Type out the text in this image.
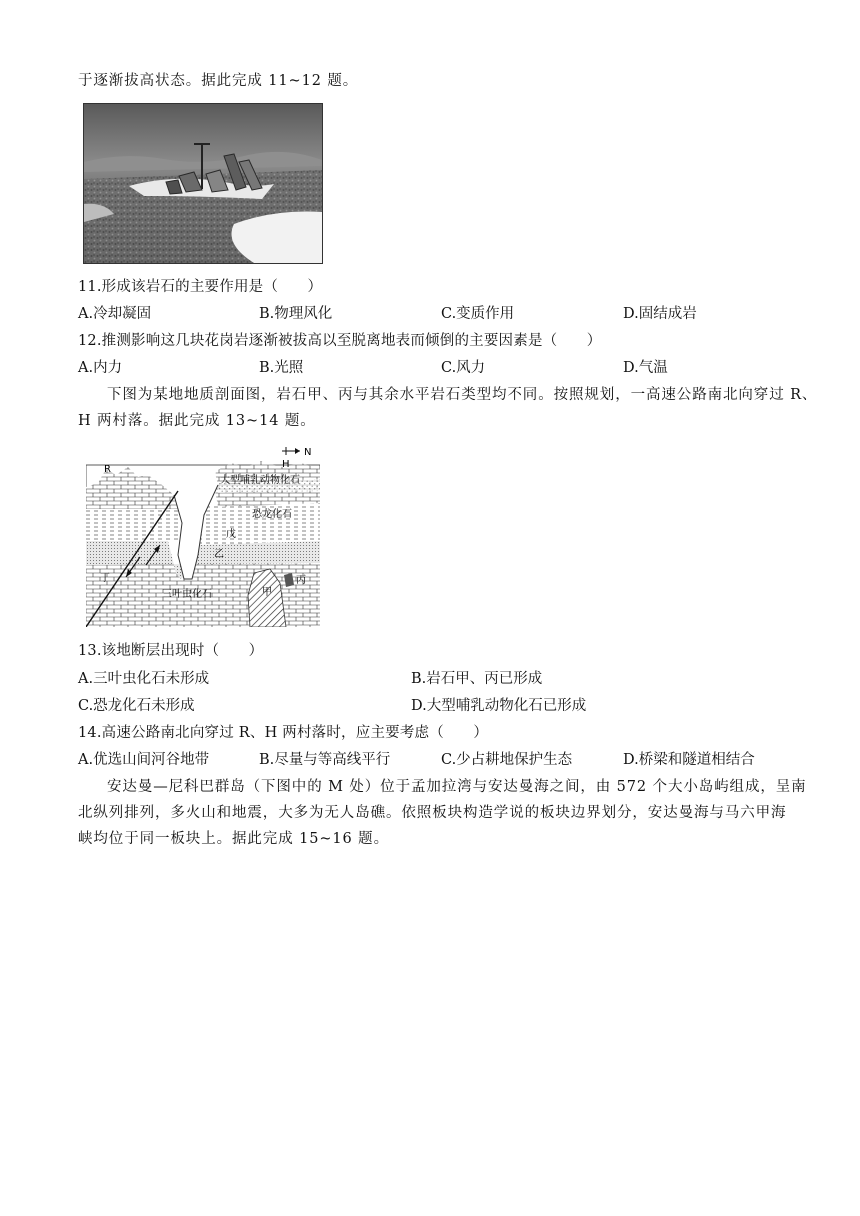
于逐渐拔高状态。据此完成 11~12 题。
11.形成该岩石的主要作用是（　　）
A.冷却凝固	B.物理风化	C.变质作用	D.固结成岩
12.推测影响这几块花岗岩逐渐被拔高以至脱离地表而倾倒的主要因素是（　　）
A.内力	B.光照	C.风力	D.气温
下图为某地地质剖面图，岩石甲、丙与其余水平岩石类型均不同。按照规划，一高速公路南北向穿过 R、
H 两村落。据此完成 13~14 题。
N
R	H
大型哺乳动物化石
恐龙化石
戊
乙
丁
三叶虫化石	甲
丙
13.该地断层出现时（　　）
A.三叶虫化石未形成	B.岩石甲、丙已形成
C.恐龙化石未形成	D.大型哺乳动物化石已形成
14.高速公路南北向穿过 R、H 两村落时，应主要考虑（　　）
A.优选山间河谷地带	B.尽量与等高线平行	C.少占耕地保护生态	D.桥梁和隧道相结合
安达曼—尼科巴群岛（下图中的 M 处）位于孟加拉湾与安达曼海之间，由 572 个大小岛屿组成，呈南
北纵列排列，多火山和地震，大多为无人岛礁。依照板块构造学说的板块边界划分，安达曼海与马六甲海
峡均位于同一板块上。据此完成 15~16 题。
